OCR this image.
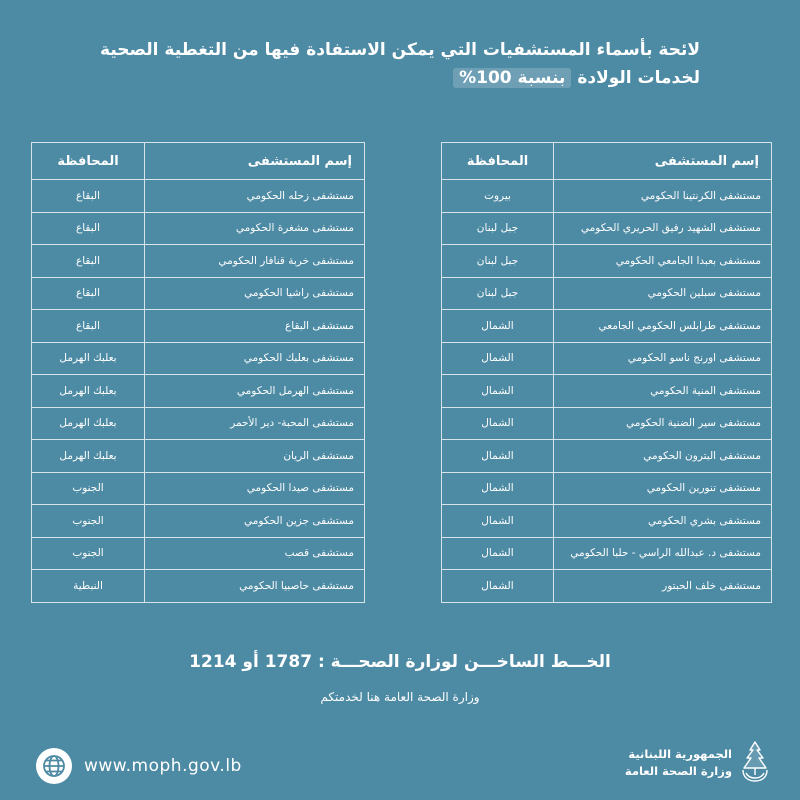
لائحة بأسماء المستشفيات التي يمكن الاستفادة فيها من التغطية الصحية
لخدمات الولادة بنسبة 100%
إسم المستشفى	المحافظة
مستشفى الكرنتينا الحكومي	بيروت
مستشفى الشهيد رفيق الحريري الحكومي	جبل لبنان
مستشفى بعبدا الجامعي الحكومي	جبل لبنان
مستشفى سبلين الحكومي	جبل لبنان
مستشفى طرابلس الحكومي الجامعي	الشمال
مستشفى اورنج ناسو الحكومي	الشمال
مستشفى المنية الحكومي	الشمال
مستشفى سير الضنية الحكومي	الشمال
مستشفى البترون الحكومي	الشمال
مستشفى تنورين الحكومي	الشمال
مستشفى بشري الحكومي	الشمال
مستشفى د. عبدالله الراسي - حلبا الحكومي	الشمال
مستشفى خلف الحبتور	الشمال
إسم المستشفى	المحافظة
مستشفى زحله الحكومي	البقاع
مستشفى مشغرة الحكومي	البقاع
مستشفى خربة قنافار الحكومي	البقاع
مستشفى راشيا الحكومي	البقاع
مستشفى البقاع	البقاع
مستشفى بعلبك الحكومي	بعلبك الهرمل
مستشفى الهرمل الحكومي	بعلبك الهرمل
مستشفى المحبة- دير الأحمر	بعلبك الهرمل
مستشفى الريان	بعلبك الهرمل
مستشفى صيدا الحكومي	الجنوب
مستشفى جزين الحكومي	الجنوب
مستشفى قصب	الجنوب
مستشفى حاصبيا الحكومي	النبطية
الخـــط الساخـــن لوزارة الصحـــة : 1787 أو 1214
وزارة الصحة العامة هنا لخدمتكم
www.moph.gov.lb
الجمهورية اللبنانية
وزارة الصحة العامة
